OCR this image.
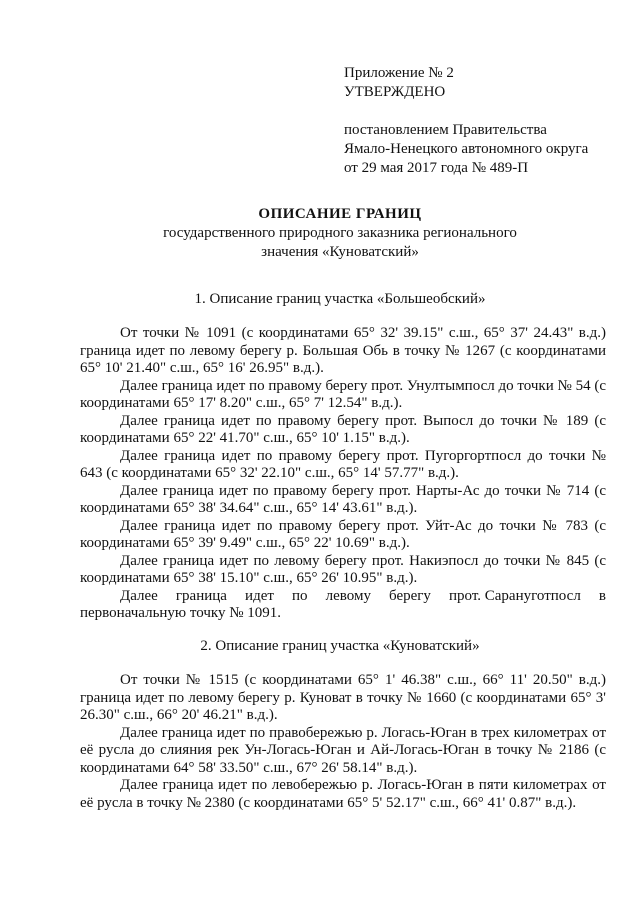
Приложение № 2
УТВЕРЖДЕНО
постановлением Правительства
Ямало-Ненецкого автономного округа
от 29 мая 2017 года № 489-П
ОПИСАНИЕ ГРАНИЦ
государственного природного заказника регионального
значения «Куноватский»
1. Описание границ участка «Большеобский»

От точки № 1091 (с координатами 65° 32' 39.15" с.ш., 65° 37' 24.43" в.д.) граница идет по левому берегу р. Большая Обь в точку № 1267 (с координатами 65° 10' 21.40" с.ш., 65° 16' 26.95" в.д.).

Далее граница идет по правому берегу прот. Унултымпосл до точки № 54 (с координатами 65° 17' 8.20" с.ш., 65° 7' 12.54" в.д.).

Далее граница идет по правому берегу прот. Выпосл до точки № 189 (с координатами 65° 22' 41.70" с.ш., 65° 10' 1.15" в.д.).

Далее граница идет по правому берегу прот. Пугоргортпосл до точки № 643 (с координатами 65° 32' 22.10" с.ш., 65° 14' 57.77" в.д.).

Далее граница идет по правому берегу прот. Нарты-Ас до точки № 714 (с координатами 65° 38' 34.64" с.ш., 65° 14' 43.61" в.д.).

Далее граница идет по правому берегу прот. Уйт-Ас до точки № 783 (с координатами 65° 39' 9.49" с.ш., 65° 22' 10.69" в.д.).

Далее граница идет по левому берегу прот. Накиэпосл до точки № 845 (с координатами 65° 38' 15.10" с.ш., 65° 26' 10.95" в.д.).

Далее граница идет по левому берегу прот. Сарануготпосл в
первоначальную точку № 1091.
2. Описание границ участка «Куноватский»

От точки № 1515 (с координатами 65° 1' 46.38" с.ш., 66° 11' 20.50" в.д.) граница идет по левому берегу р. Куноват в точку № 1660 (с координатами 65° 3' 26.30" с.ш., 66° 20' 46.21" в.д.).

Далее граница идет по правобережью р. Логась-Юган в трех километрах от её русла до слияния рек Ун-Логась-Юган и Ай-Логась-Юган в точку № 2186 (с координатами 64° 58' 33.50" с.ш., 67° 26' 58.14" в.д.).

Далее граница идет по левобережью р. Логась-Юган в пяти километрах от её русла в точку № 2380 (с координатами 65° 5' 52.17" с.ш., 66° 41' 0.87" в.д.).
